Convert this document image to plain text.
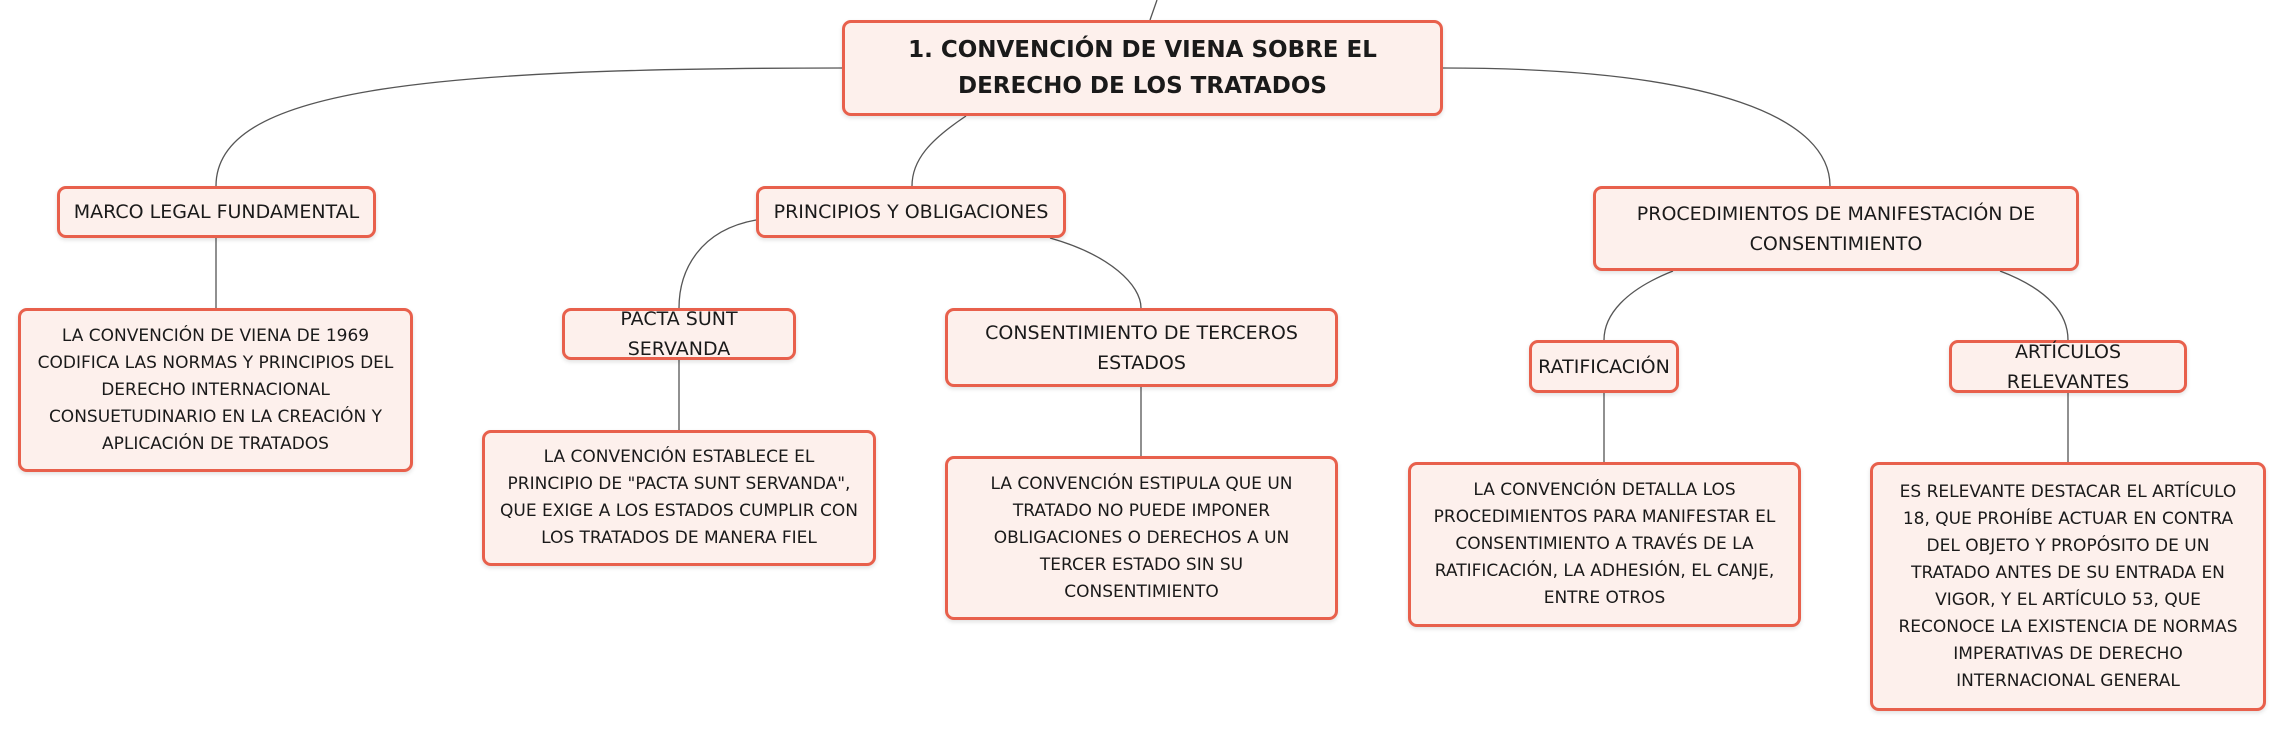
1. CONVENCIÓN DE VIENA SOBRE EL DERECHO DE LOS TRATADOS
MARCO LEGAL FUNDAMENTAL	PRINCIPIOS Y OBLIGACIONES	PROCEDIMIENTOS DE MANIFESTACIÓN DE CONSENTIMIENTO
PACTA SUNT SERVANDA
CONSENTIMIENTO DE TERCEROS ESTADOS	RATIFICACIÓN
ARTÍCULOS RELEVANTES
LA CONVENCIÓN DE VIENA DE 1969 CODIFICA LAS NORMAS Y PRINCIPIOS DEL DERECHO INTERNACIONAL CONSUETUDINARIO EN LA CREACIÓN Y APLICACIÓN DE TRATADOS
LA CONVENCIÓN ESTABLECE EL PRINCIPIO DE "PACTA SUNT SERVANDA", QUE EXIGE A LOS ESTADOS CUMPLIR CON LOS TRATADOS DE MANERA FIEL
LA CONVENCIÓN ESTIPULA QUE UN TRATADO NO PUEDE IMPONER OBLIGACIONES O DERECHOS A UN TERCER ESTADO SIN SU CONSENTIMIENTO
LA CONVENCIÓN DETALLA LOS PROCEDIMIENTOS PARA MANIFESTAR EL CONSENTIMIENTO A TRAVÉS DE LA RATIFICACIÓN, LA ADHESIÓN, EL CANJE, ENTRE OTROS
ES RELEVANTE DESTACAR EL ARTÍCULO 18, QUE PROHÍBE ACTUAR EN CONTRA DEL OBJETO Y PROPÓSITO DE UN TRATADO ANTES DE SU ENTRADA EN VIGOR, Y EL ARTÍCULO 53, QUE RECONOCE LA EXISTENCIA DE NORMAS IMPERATIVAS DE DERECHO INTERNACIONAL GENERAL
